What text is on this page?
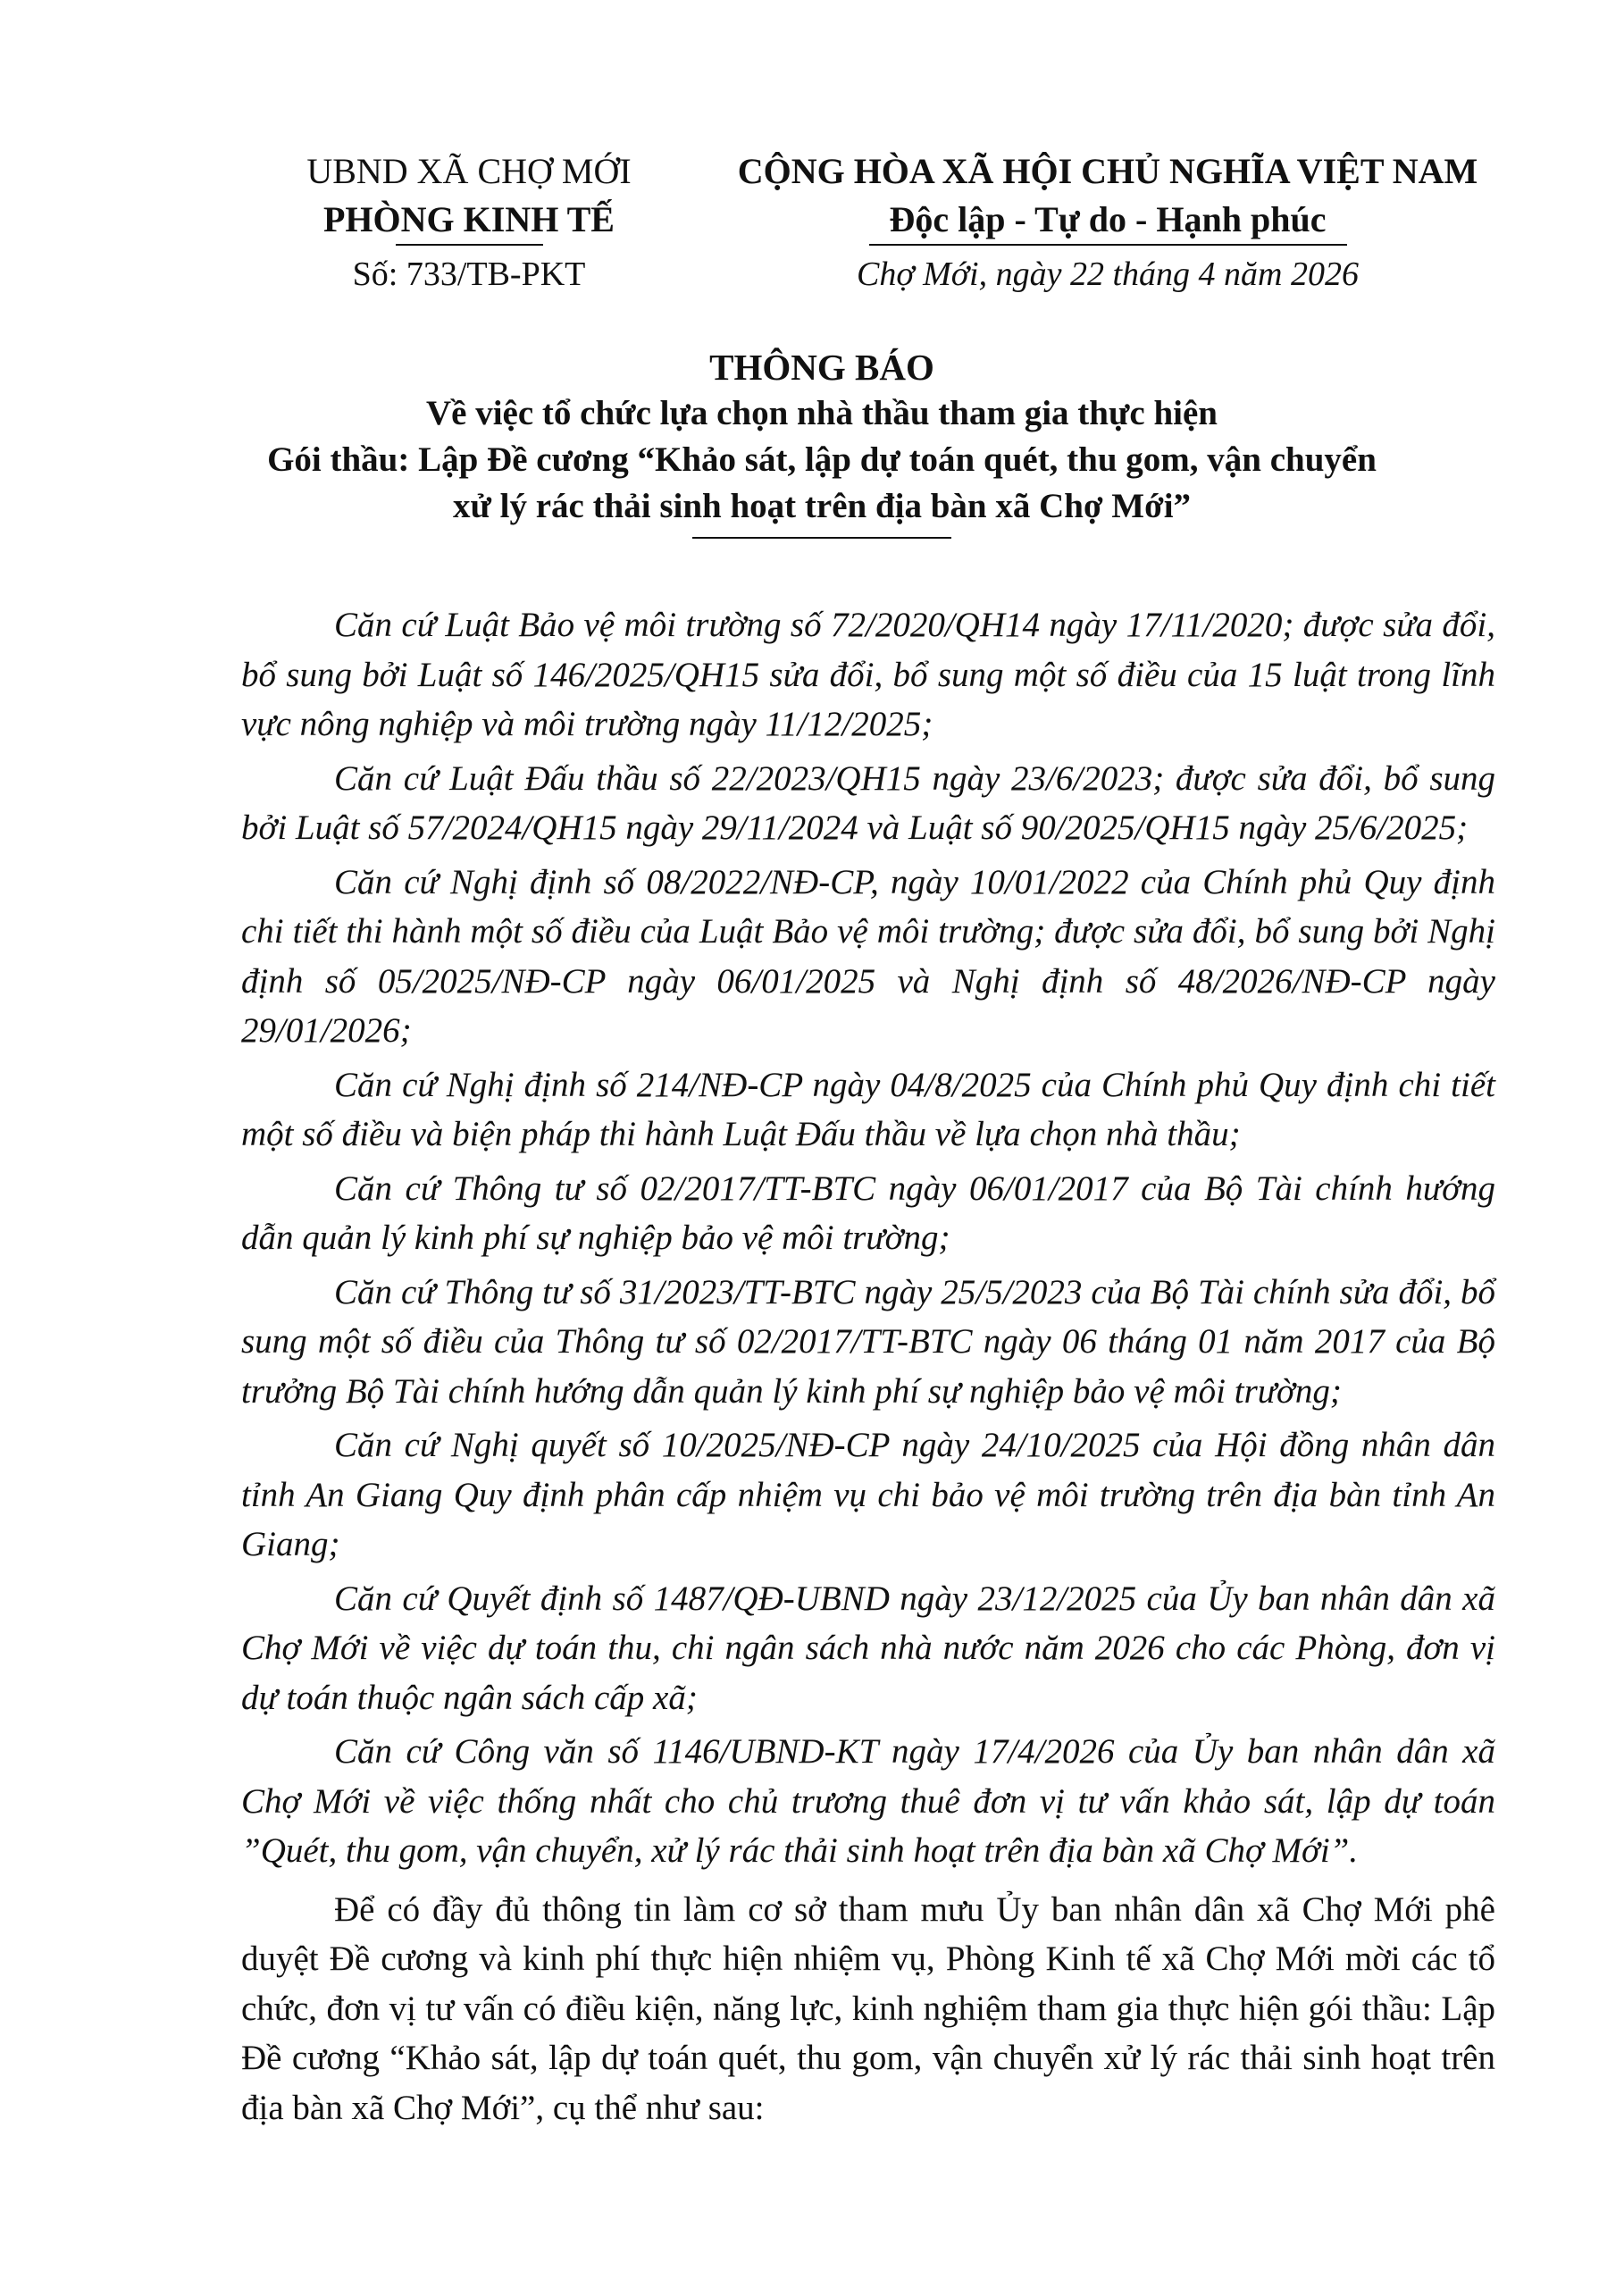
UBND XÃ CHỢ MỚI
PHÒNG KINH TẾ
CỘNG HÒA XÃ HỘI CHỦ NGHĨA VIỆT NAM
Độc lập - Tự do - Hạnh phúc
Số: 733/TB-PKT	Chợ Mới, ngày 22 tháng 4 năm 2026
THÔNG BÁO
Về việc tổ chức lựa chọn nhà thầu tham gia thực hiện
Gói thầu: Lập Đề cương “Khảo sát, lập dự toán quét, thu gom, vận chuyển
xử lý rác thải sinh hoạt trên địa bàn xã Chợ Mới”

Căn cứ Luật Bảo vệ môi trường số 72/2020/QH14 ngày 17/11/2020; được sửa đổi, bổ sung bởi Luật số 146/2025/QH15 sửa đổi, bổ sung một số điều của 15 luật trong lĩnh vực nông nghiệp và môi trường ngày 11/12/2025;

Căn cứ Luật Đấu thầu số 22/2023/QH15 ngày 23/6/2023; được sửa đổi, bổ sung bởi Luật số 57/2024/QH15 ngày 29/11/2024 và Luật số 90/2025/QH15 ngày 25/6/2025;

Căn cứ Nghị định số 08/2022/NĐ-CP, ngày 10/01/2022 của Chính phủ Quy định chi tiết thi hành một số điều của Luật Bảo vệ môi trường; được sửa đổi, bổ sung bởi Nghị định số 05/2025/NĐ-CP ngày 06/01/2025 và Nghị định số 48/2026/NĐ-CP ngày 29/01/2026;

Căn cứ Nghị định số 214/NĐ-CP ngày 04/8/2025 của Chính phủ Quy định chi tiết một số điều và biện pháp thi hành Luật Đấu thầu về lựa chọn nhà thầu;

Căn cứ Thông tư số 02/2017/TT-BTC ngày 06/01/2017 của Bộ Tài chính hướng dẫn quản lý kinh phí sự nghiệp bảo vệ môi trường;

Căn cứ Thông tư số 31/2023/TT-BTC ngày 25/5/2023 của Bộ Tài chính sửa đổi, bổ sung một số điều của Thông tư số 02/2017/TT-BTC ngày 06 tháng 01 năm 2017 của Bộ trưởng Bộ Tài chính hướng dẫn quản lý kinh phí sự nghiệp bảo vệ môi trường;

Căn cứ Nghị quyết số 10/2025/NĐ-CP ngày 24/10/2025 của Hội đồng nhân dân tỉnh An Giang Quy định phân cấp nhiệm vụ chi bảo vệ môi trường trên địa bàn tỉnh An Giang;

Căn cứ Quyết định số 1487/QĐ-UBND ngày 23/12/2025 của Ủy ban nhân dân xã Chợ Mới về việc dự toán thu, chi ngân sách nhà nước năm 2026 cho các Phòng, đơn vị dự toán thuộc ngân sách cấp xã;

Căn cứ Công văn số 1146/UBND-KT ngày 17/4/2026 của Ủy ban nhân dân xã Chợ Mới về việc thống nhất cho chủ trương thuê đơn vị tư vấn khảo sát, lập dự toán ”Quét, thu gom, vận chuyển, xử lý rác thải sinh hoạt trên địa bàn xã Chợ Mới”.

Để có đầy đủ thông tin làm cơ sở tham mưu Ủy ban nhân dân xã Chợ Mới phê duyệt Đề cương và kinh phí thực hiện nhiệm vụ, Phòng Kinh tế xã Chợ Mới mời các tổ chức, đơn vị tư vấn có điều kiện, năng lực, kinh nghiệm tham gia thực hiện gói thầu: Lập Đề cương “Khảo sát, lập dự toán quét, thu gom, vận chuyển xử lý rác thải sinh hoạt trên địa bàn xã Chợ Mới”, cụ thể như sau:
